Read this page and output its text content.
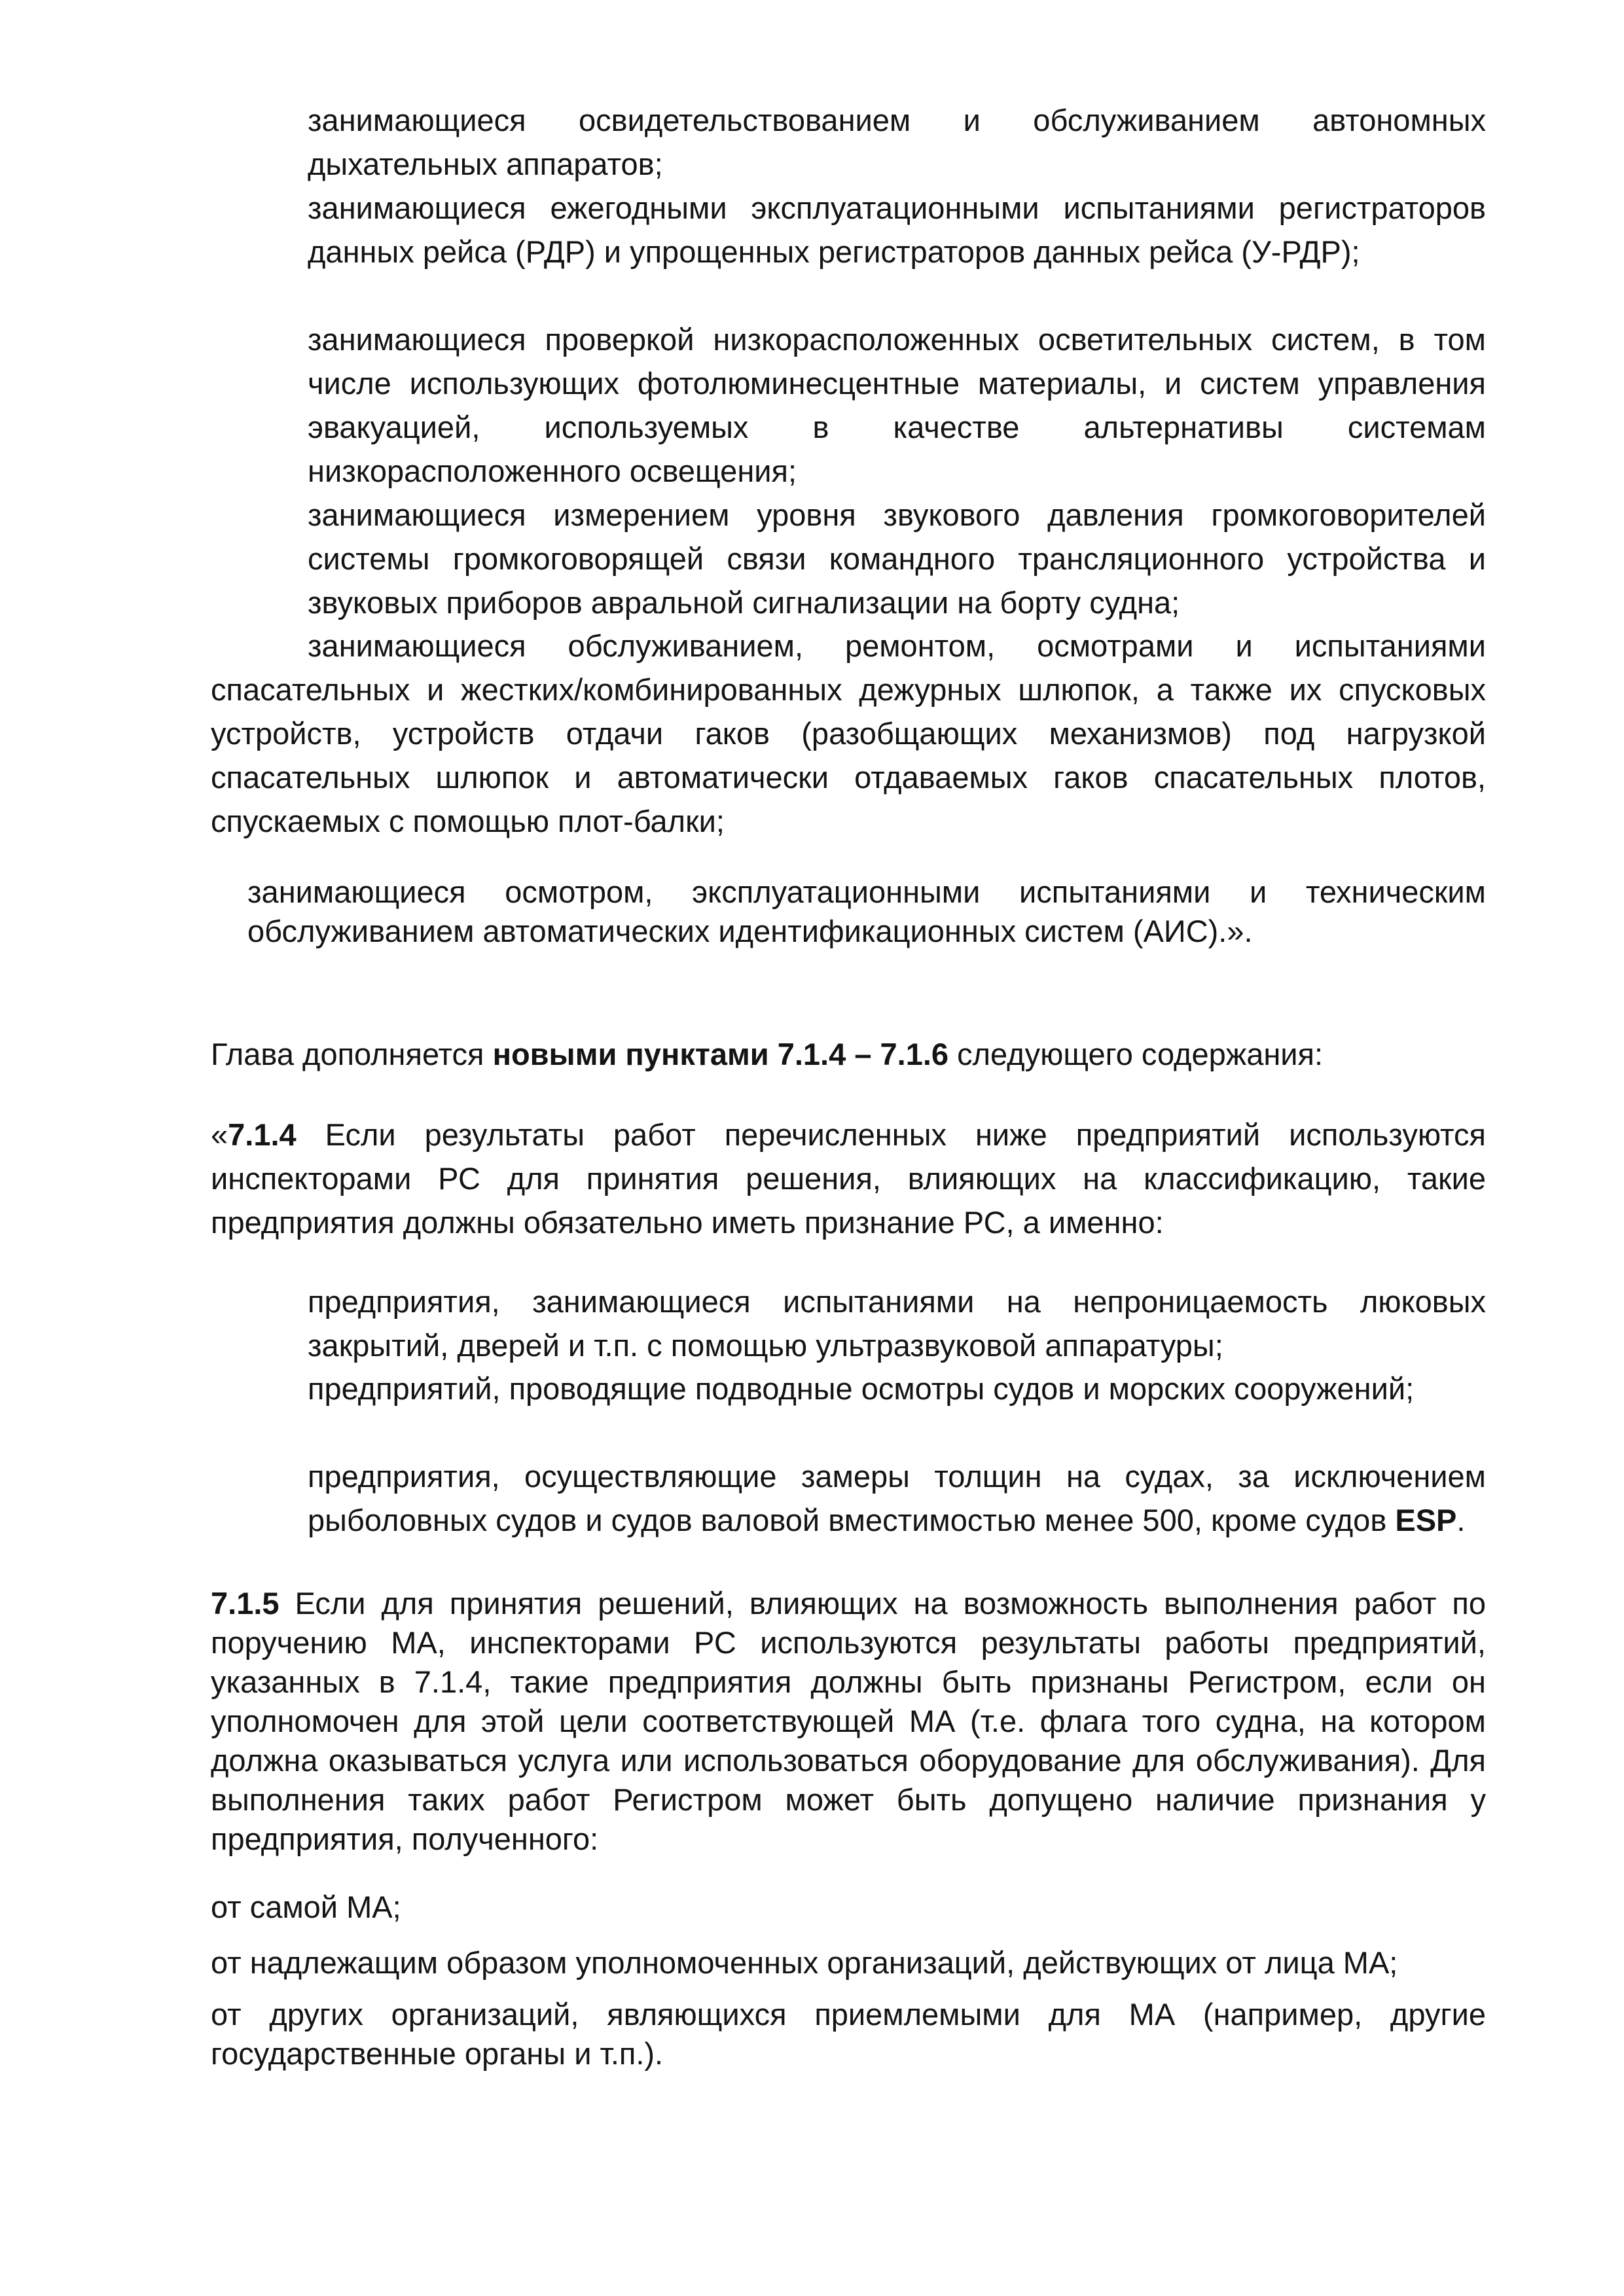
занимающиеся освидетельствованием и обслуживанием автономных дыхательных аппаратов;

занимающиеся ежегодными эксплуатационными испытаниями регистраторов данных рейса (РДР) и упрощенных регистраторов данных рейса (У-РДР);

занимающиеся проверкой низкорасположенных осветительных систем, в том числе использующих фотолюминесцентные материалы, и систем управления эвакуацией, используемых в качестве альтернативы системам низкорасположенного освещения;

занимающиеся измерением уровня звукового давления громкоговорителей системы громкоговорящей связи командного трансляционного устройства и звуковых приборов авральной сигнализации на борту судна;

занимающиеся обслуживанием, ремонтом, осмотрами и испытаниями спасательных и жестких/комбинированных дежурных шлюпок, а также их спусковых устройств, устройств отдачи гаков (разобщающих механизмов) под нагрузкой спасательных шлюпок и автоматически отдаваемых гаков спасательных плотов, спускаемых с помощью плот-балки;

занимающиеся осмотром, эксплуатационными испытаниями и техническим обслуживанием автоматических идентификационных систем (АИС).».

Глава дополняется новыми пунктами 7.1.4 – 7.1.6 следующего содержания:

«7.1.4 Если результаты работ перечисленных ниже предприятий используются инспекторами РС для принятия решения, влияющих на классификацию, такие предприятия должны обязательно иметь признание РС, а именно:

предприятия, занимающиеся испытаниями на непроницаемость люковых закрытий, дверей и т.п. с помощью ультразвуковой аппаратуры;

предприятий, проводящие подводные осмотры судов и морских сооружений;

предприятия, осуществляющие замеры толщин на судах, за исключением рыболовных судов и судов валовой вместимостью менее 500, кроме судов ESP.

7.1.5 Если для принятия решений, влияющих на возможность выполнения работ по поручению МА, инспекторами РС используются результаты работы предприятий, указанных в 7.1.4, такие предприятия должны быть признаны Регистром, если он уполномочен для этой цели соответствующей МА (т.е. флага того судна, на котором должна оказываться услуга или использоваться оборудование для обслуживания). Для выполнения таких работ Регистром может быть допущено наличие признания у предприятия, полученного:

от самой МА;

от надлежащим образом уполномоченных организаций, действующих от лица МА;

от других организаций, являющихся приемлемыми для МА (например, другие государственные органы и т.п.).
